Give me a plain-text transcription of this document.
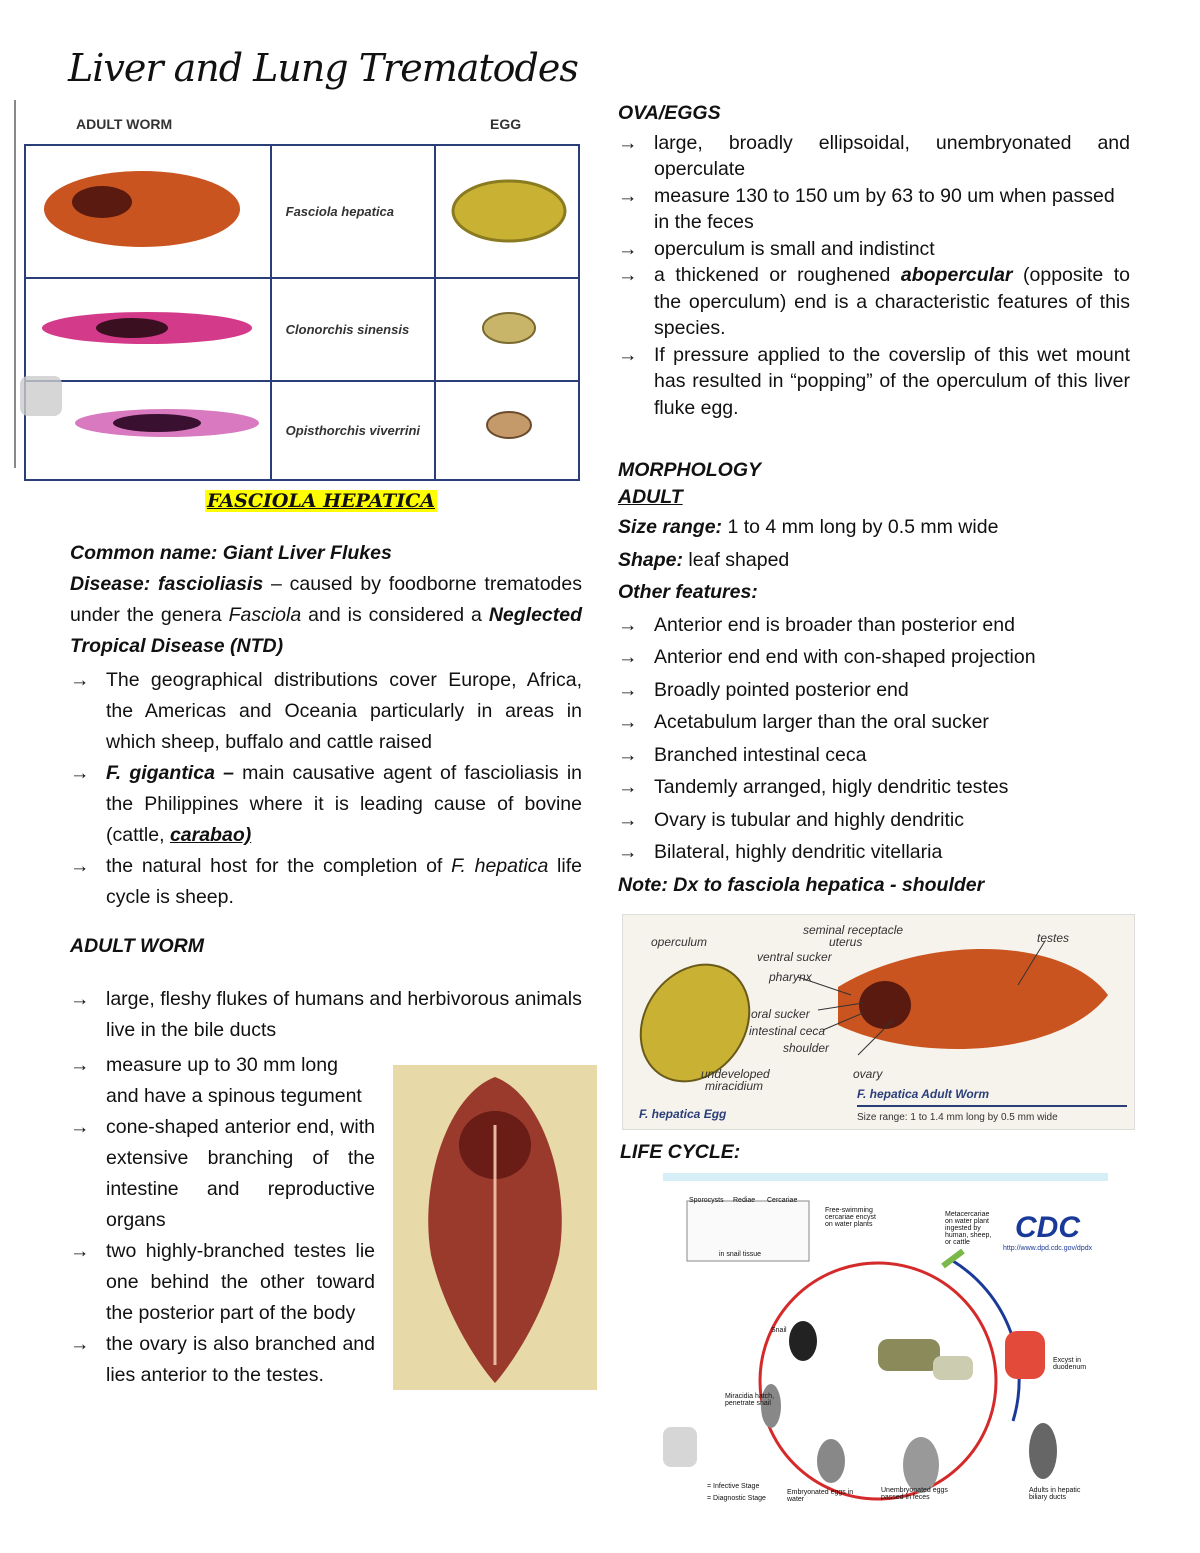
Liver and Lung Trematodes
ADULT WORM	EGG
	Fasciola hepatica	
	Clonorchis sinensis	
	Opisthorchis viverrini	
FASCIOLA HEPATICA
Common name: Giant Liver Flukes
Disease: fascioliasis – caused by foodborne trematodes under the genera Fasciola and is considered a Neglected Tropical Disease (NTD)
→ The geographical distributions cover Europe, Africa, the Americas and Oceania particularly in areas in which sheep, buffalo and cattle raised
→ F. gigantica – main causative agent of fascioliasis in the Philippines where it is leading cause of bovine (cattle, carabao)
→ the natural host for the completion of F. hepatica life cycle is sheep.
ADULT WORM
→ large, fleshy flukes of humans and herbivorous animals live in the bile ducts
→ measure up to 30 mm long and have a spinous tegument
→ cone-shaped anterior end, with extensive branching of the intestine and reproductive organs
→ two highly-branched testes lie one behind the other toward the posterior part of the body
→ the ovary is also branched and lies anterior to the testes.
OVA/EGGS
→ large, broadly ellipsoidal, unembryonated and operculate
→ measure 130 to 150 um by 63 to 90 um when passed in the feces
→ operculum is small and indistinct
→ a thickened or roughened abopercular (opposite to the operculum) end is a characteristic features of this species.
→ If pressure applied to the coverslip of this wet mount has resulted in “popping” of the operculum of this liver fluke egg.
MORPHOLOGY
ADULT
Size range: 1 to 4 mm long by 0.5 mm wide
Shape: leaf shaped
Other features:
→ Anterior end is broader than posterior end
→ Anterior end end with con-shaped projection
→ Broadly pointed posterior end
→ Acetabulum larger than the oral sucker
→ Branched intestinal ceca
→ Tandemly arranged, higly dendritic testes
→ Ovary is tubular and highly dendritic
→ Bilateral, highly dendritic vitellaria
Note: Dx to fasciola hepatica - shoulder
operculum
undeveloped
miracidium
F. hepatica Egg
seminal receptacle
uterus
ventral sucker
pharynx
oral sucker
intestinal ceca
shoulder
testes
ovary
F. hepatica Adult Worm
Size range: 1 to 1.4 mm long by 0.5 mm wide
LIFE CYCLE:
CDC
http://www.dpd.cdc.gov/dpdx
Sporocysts Rediae Cercariae
in snail tissue
Free-swimming cercariae encyst on water plants
Metacercariae on water plant ingested by human, sheep, or cattle
Excyst in duodenum
Adults in hepatic biliary ducts
Unembryonated eggs passed in feces
Embryonated eggs in water
Miracidia hatch, penetrate snail
Snail
= Infective Stage
= Diagnostic Stage
